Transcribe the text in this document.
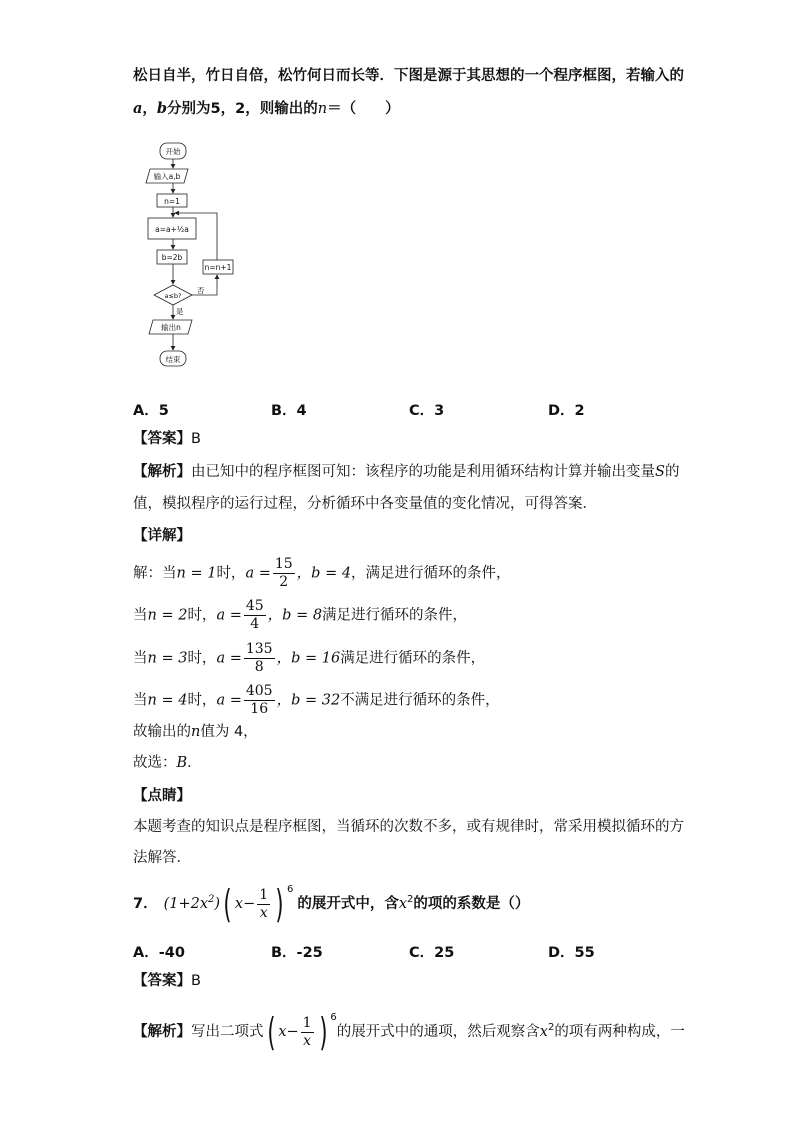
松日自半，竹日自倍，松竹何日而长等．下图是源于其思想的一个程序框图，若输入的
a，b分别为5，2，则输出的n＝（　　）
开始
输入a,b
n=1
a=a+½a
b=2b
a≤b?
n=n+1
否
是
输出n
结束
A．5	B．4	C．3	D．2
【答案】B
【解析】由已知中的程序框图可知：该程序的功能是利用循环结构计算并输出变量S的
值，模拟程序的运行过程，分析循环中各变量值的变化情况，可得答案．
【详解】
解：当n = 1时，$a = \frac{15}{2}$ ，b = 4，满足进行循环的条件，
当n = 2时，$a = \frac{45}{4}$ ，b = 8满足进行循环的条件，
当n = 3时，$a = \frac{135}{8}$ ，b = 16满足进行循环的条件，
当n = 4时，$a = \frac{405}{16}$ ，b = 32不满足进行循环的条件，
故输出的n值为 4，
故选：B．
【点睛】
本题考查的知识点是程序框图，当循环的次数不多，或有规律时，常采用模拟循环的方
法解答．
7． $(1+2x^2)$ ( $x- \frac{1}{x}$ ) 6
的展开式中，含 x 2 的项的系数是（）
A．-40	B．-25	C．25	D．55
【答案】B
【解析】 写出二项式 ( $x- \frac{1}{x}$ ) 6
的展开式中的通项，然后观察含 x 2 的项有两种构成，一
